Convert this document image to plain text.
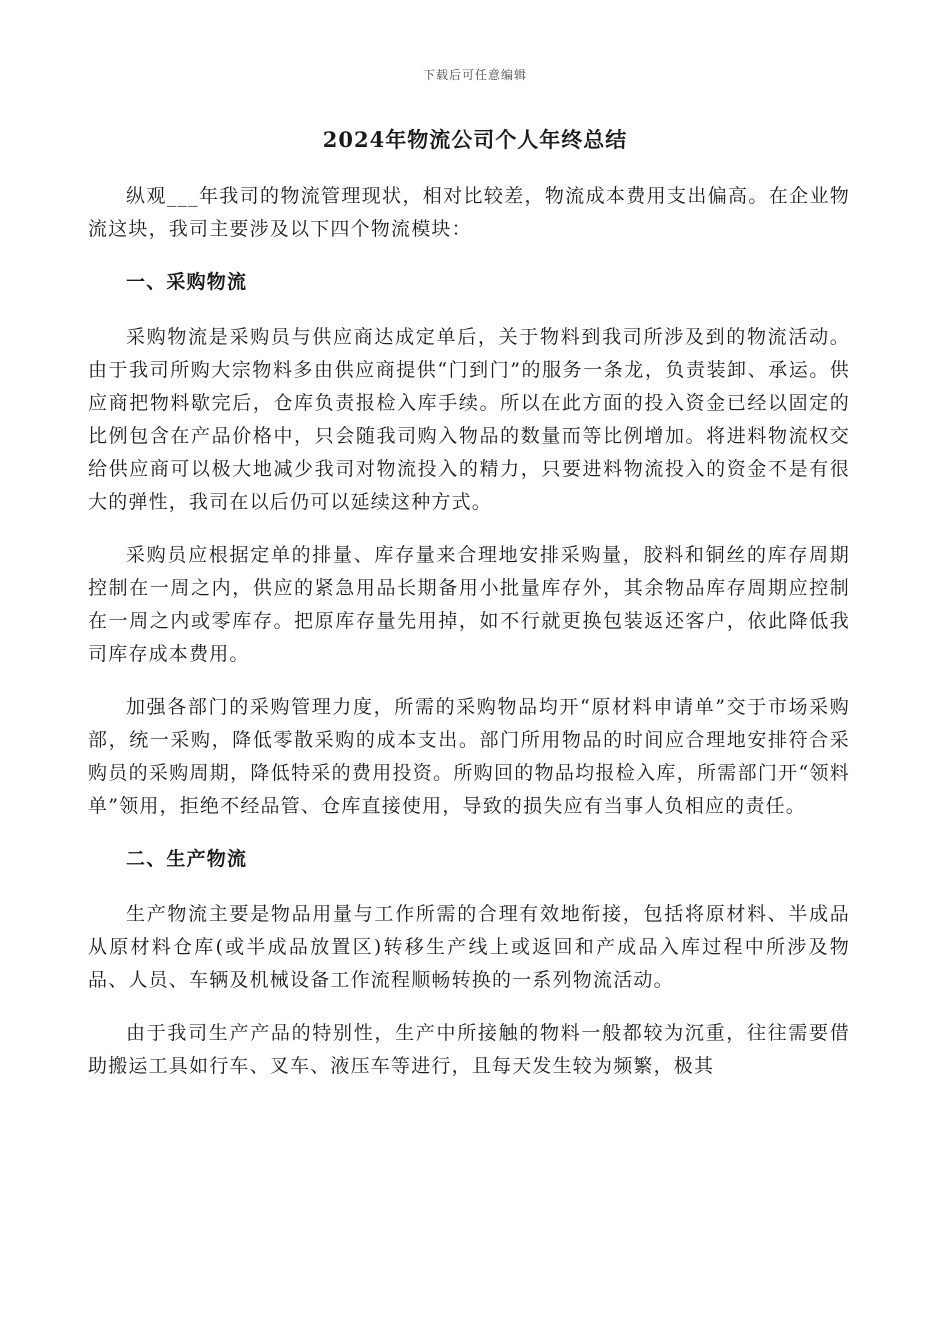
下载后可任意编辑
2024年物流公司个人年终总结

纵观___年我司的物流管理现状，相对比较差，物流成本费用支出偏高。在企业物流这块，我司主要涉及以下四个物流模块：

一、采购物流

采购物流是采购员与供应商达成定单后，关于物料到我司所涉及到的物流活动。由于我司所购大宗物料多由供应商提供“门到门”的服务一条龙，负责装卸、承运。供应商把物料歇完后，仓库负责报检入库手续。所以在此方面的投入资金已经以固定的比例包含在产品价格中，只会随我司购入物品的数量而等比例增加。将进料物流权交给供应商可以极大地减少我司对物流投入的精力，只要进料物流投入的资金不是有很大的弹性，我司在以后仍可以延续这种方式。

采购员应根据定单的排量、库存量来合理地安排采购量，胶料和铜丝的库存周期控制在一周之内，供应的紧急用品长期备用小批量库存外，其余物品库存周期应控制在一周之内或零库存。把原库存量先用掉，如不行就更换包装返还客户，依此降低我司库存成本费用。

加强各部门的采购管理力度，所需的采购物品均开“原材料申请单”交于市场采购部，统一采购，降低零散采购的成本支出。部门所用物品的时间应合理地安排符合采购员的采购周期，降低特采的费用投资。所购回的物品均报检入库，所需部门开“领料单”领用，拒绝不经品管、仓库直接使用，导致的损失应有当事人负相应的责任。

二、生产物流

生产物流主要是物品用量与工作所需的合理有效地衔接，包括将原材料、半成品从原材料仓库(或半成品放置区)转移生产线上或返回和产成品入库过程中所涉及物品、人员、车辆及机械设备工作流程顺畅转换的一系列物流活动。

由于我司生产产品的特别性，生产中所接触的物料一般都较为沉重，往往需要借助搬运工具如行车、叉车、液压车等进行，且每天发生较为频繁，极其
